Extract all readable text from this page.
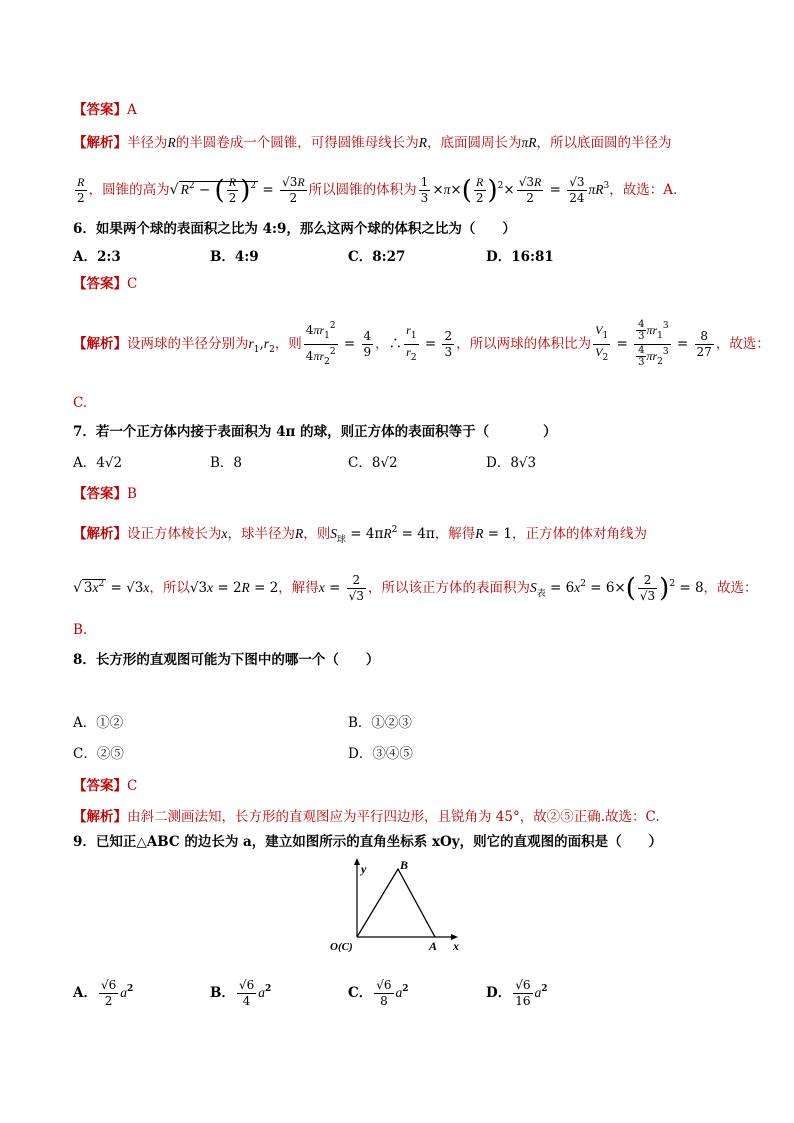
【答案】A
【解析】半径为R的半圆卷成一个圆锥，可得圆锥母线长为R，底面圆周长为πR，所以底面圆的半径为
$\frac{R}{2}$ ，圆锥的高为√ $R^2$ − ( $\frac{R}{2} )^2 = \frac{√3R}{2}$ 所以圆锥的体积为 $\frac{1}{3} \times\pi\times( \frac{R}{2} )^2\times \frac{√3R}{2} = \frac{√3}{24} \pi R^3$，故选：A.
6．如果两个球的表面积之比为 4:9，那么这两个球的体积之比为（　　）
A．2:3	B．4:9	C．8:27	D．16:81
【答案】C
【解析】设两球的半径分别为$r_1,r_2$，则 $\frac{4\pi r_1^2}{4\pi r_2^2} = \frac{4}{9}$ ，∴ $\frac{r_1}{r_2} = \frac{2}{3}$ ，所以两球的体积比为 $\frac{V_1}{V_2} = \frac{\frac{4}{3} \pi r_1^3}{\frac{4}{3} \pi r_2^3} = \frac{8}{27}$ ，故选：
C.
7．若一个正方体内接于表面积为 4π 的球，则正方体的表面积等于（　　　　）
A．4√2	B．8	C．8√2	D．8√3
【答案】B
【解析】设正方体棱长为x，球半径为R，则$S_球 = 4\pi R^2 = 4\pi$，解得R = 1，正方体的体对角线为
√ $3x^2 = √3x$，所以√3x = 2R = 2，解得$x = \frac{2}{√3}$ ，所以该正方体的表面积为$S_表 = 6x^2 = 6\times( \frac{2}{√3} )^2 = 8$，故选：
B.
8．长方形的直观图可能为下图中的哪一个（　　）
A．①②	B．①②③
C．②⑤	D．③④⑤
【答案】C
【解析】由斜二测画法知，长方形的直观图应为平行四边形，且锐角为 45°，故②⑤正确.故选：C.
9．已知正△ABC 的边长为 a，建立如图所示的直角坐标系 xOy，则它的直观图的面积是（　　）
y	B
O(C)	A x
A． $\frac{√6}{2} a^2$	B． $\frac{√6}{4} a^2$	C． $\frac{√6}{8} a^2$	D． $\frac{√6}{16} a^2$
